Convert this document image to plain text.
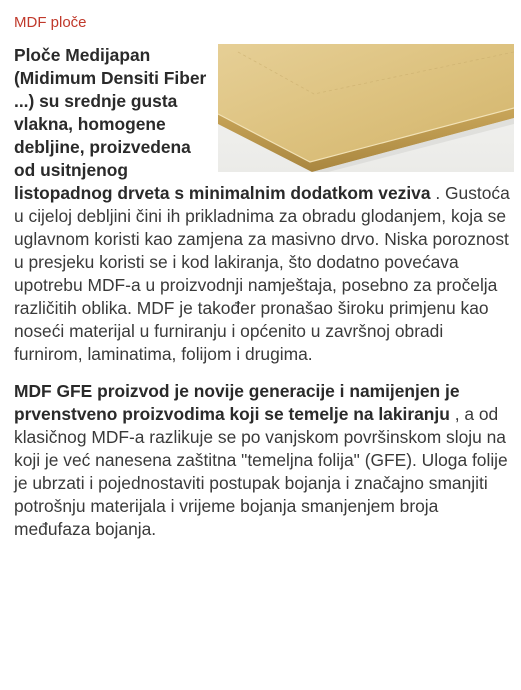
MDF ploče

Ploče Medijapan (Midimum Densiti Fiber ...) su srednje gusta vlakna, homogene debljine, proizvedena od usitnjenog listopadnog drveta s minimalnim dodatkom veziva . Gustoća u cijeloj debljini čini ih prikladnima za obradu glodanjem, koja se uglavnom koristi kao zamjena za masivno drvo. Niska poroznost u presjeku koristi se i kod lakiranja, što dodatno povećava upotrebu MDF-a u proizvodnji namještaja, posebno za pročelja različitih oblika. MDF je također pronašao široku primjenu kao noseći materijal u furniranju i općenito u završnoj obradi furnirom, laminatima, folijom i drugima.

MDF GFE proizvod je novije generacije i namijenjen je prvenstveno proizvodima koji se temelje na lakiranju , a od klasičnog MDF-a razlikuje se po vanjskom površinskom sloju na koji je već nanesena zaštitna "temeljna folija" (GFE). Uloga folije je ubrzati i pojednostaviti postupak bojanja i značajno smanjiti potrošnju materijala i vrijeme bojanja smanjenjem broja međufaza bojanja.
